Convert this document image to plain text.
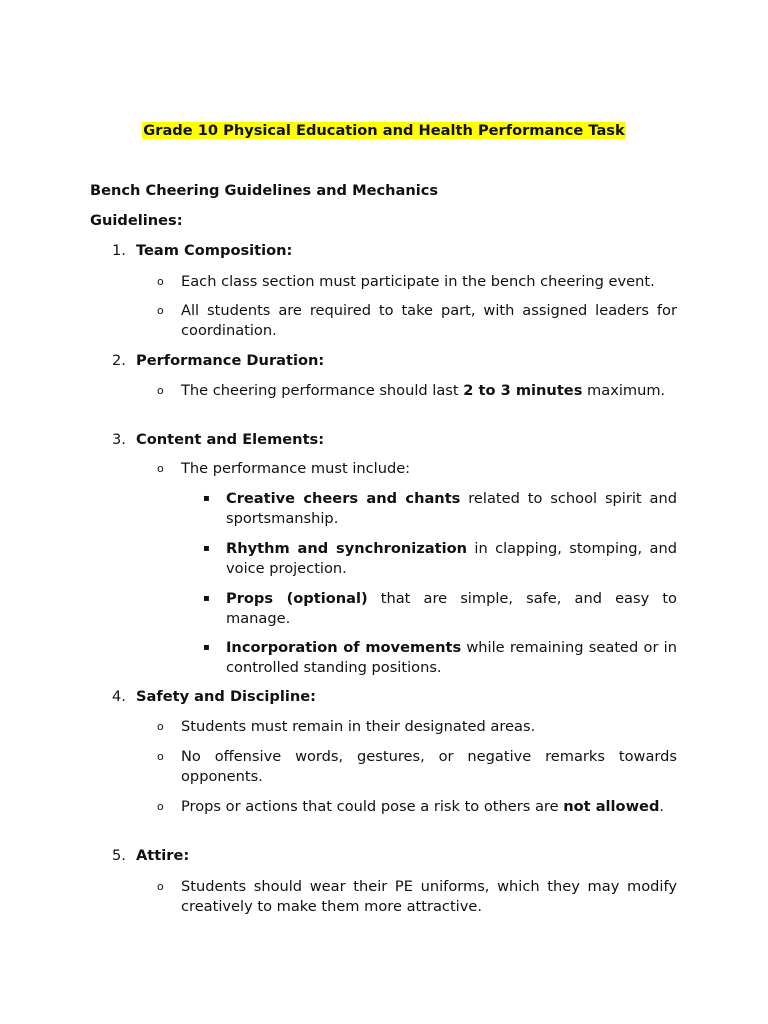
Grade 10 Physical Education and Health Performance Task
Bench Cheering Guidelines and Mechanics
Guidelines:
1. Team Composition:
o Each class section must participate in the bench cheering event.
o All students are required to take part, with assigned leaders for coordination.
2. Performance Duration:
o The cheering performance should last 2 to 3 minutes maximum.
3. Content and Elements:
o The performance must include:
▪ Creative cheers and chants related to school spirit and sportsmanship.
▪ Rhythm and synchronization in clapping, stomping, and voice projection.
▪ Props (optional) that are simple, safe, and easy to manage.
▪ Incorporation of movements while remaining seated or in controlled standing positions.
4. Safety and Discipline:
o Students must remain in their designated areas.
o No offensive words, gestures, or negative remarks towards opponents.
o Props or actions that could pose a risk to others are not allowed.
5. Attire:
o Students should wear their PE uniforms, which they may modify creatively to make them more attractive.
